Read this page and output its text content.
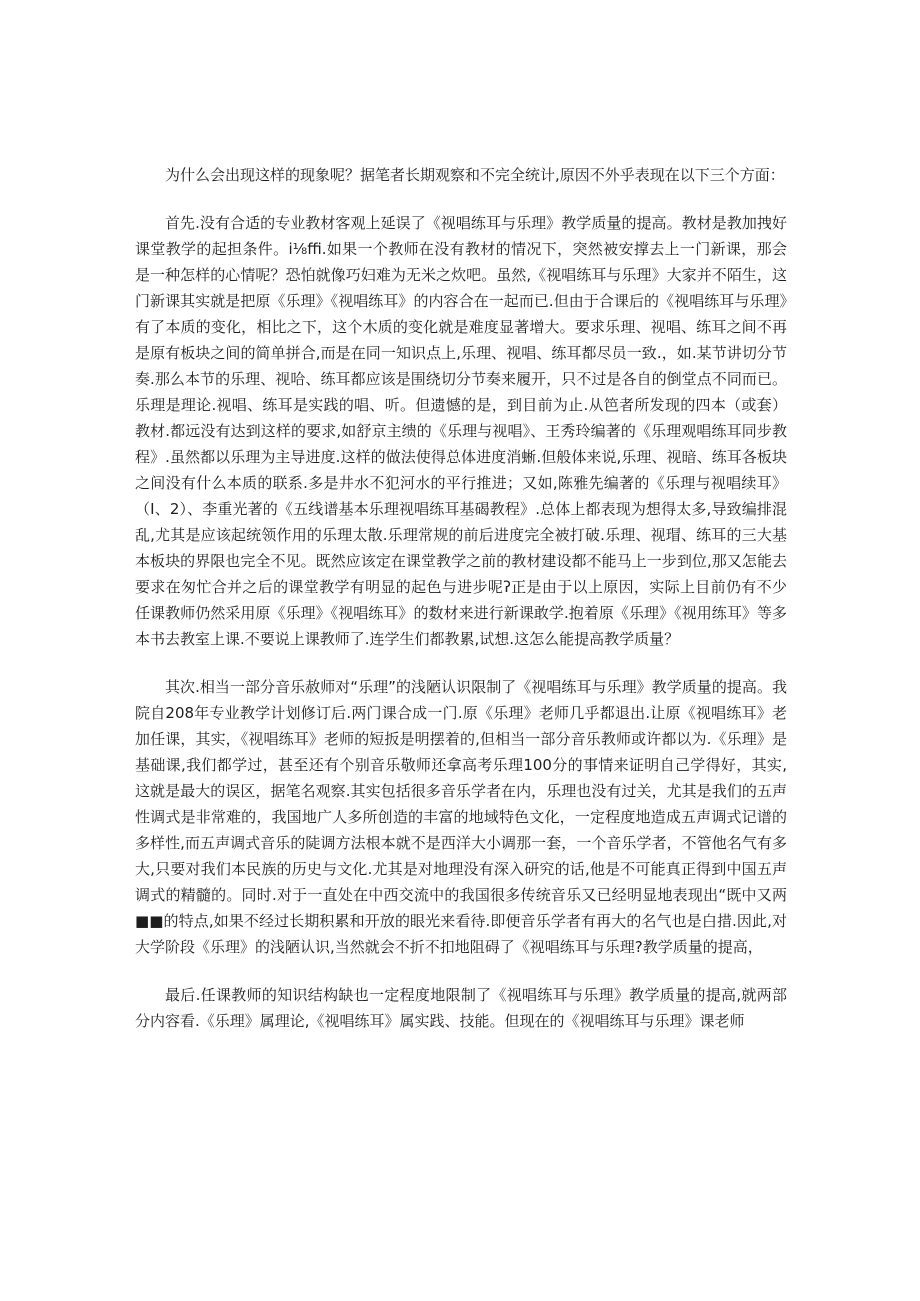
为什么会出现这样的现象呢？据笔者长期观察和不完全统计,原因不外乎表现在以下三个方面：

首先.没有合适的专业教材客观上延误了《视唱练耳与乐理》教学质量的提高。教材是教加拽好课堂教学的起担条件。i⅛ffi.如果一个教师在没有教材的情况下，突然被安撑去上一门新课，那会是一种怎样的心情呢？恐怕就像巧妇难为无米之炊吧。虽然,《视唱练耳与乐理》大家并不陌生，这门新课其实就是把原《乐理》《视唱练耳》的内容合在一起而已.但由于合课后的《视唱练耳与乐理》有了本质的变化，相比之下，这个木质的变化就是难度显著增大。要求乐理、视唱、练耳之间不再是原有板块之间的简单拼合,而是在同一知识点上,乐理、视唱、练耳都尽员一致.，如.某节讲切分节奏.那么本节的乐理、视哈、练耳都应该是围绕切分节奏来履开，只不过是各自的倒堂点不同而已。乐理是理论.视唱、练耳是实践的唱、听。但遗憾的是，到目前为止.从笆者所发现的四本（或套）教材.都远没有达到这样的要求,如舒京主缋的《乐理与视唱》、王秀玲编著的《乐理观唱练耳同步教程》.虽然都以乐理为主导进度.这样的做法使得总体进度消蜥.但般体来说,乐理、视暗、练耳各板块之间没有什么本质的联系.多是井水不犯河水的平行推进；又如,陈雅先编著的《乐理与视唱续耳》（I、2）、李重光著的《五线谱基本乐理视唱练耳基碣教程》.总体上都表现为想得太多,导致编排混乱,尤其是应该起统领作用的乐理太散.乐理常规的前后进度完全被打破.乐理、视瑁、练耳的三大基本板块的界限也完全不见。既然应该定在课堂教学之前的教材建设都不能马上一步到位,那又怎能去要求在匆忙合并之后的课堂教学有明显的起色与进步呢ʔ正是由于以上原因，实际上目前仍有不少任课教师仍然采用原《乐理》《视唱练耳》的数材来进行新课敢学.抱着原《乐理》《视用练耳》等多本书去教室上课.不要说上课教师了.连学生们都教累,试想.这怎么能提高教学质量？

其次.相当一部分音乐赦师对“乐理”的浅陋认识限制了《视唱练耳与乐理》教学质量的提高。我院自208年专业教学计划修订后.两门课合成一门.原《乐理》老师几乎都退出.让原《视唱练耳》老加任课，其实，《视唱练耳》老师的短扳是明摆着的,但相当一部分音乐教师或许都以为.《乐理》是基础课,我们都学过，甚至还有个别音乐敬师还拿高考乐理100分的事情来证明自己学得好，其实,这就是最大的误区，据笔名观察.其实包括很多音乐学者在内，乐理也没有过关，尤其是我们的五声性调式是非常难的，我国地广人多所创造的丰富的地域特色文化，一定程度地造成五声调式记谱的多样性,而五声调式音乐的陡调方法根本就不是西洋大小调那一套，一个音乐学者，不管他名气有多大,只要对我们本民族的历史与文化.尤其是对地理没有深入研究的话,他是不可能真正得到中国五声调式的精髓的。同时.对于一直处在中西交流中的我国很多传统音乐又已经明显地表现出“既中又两■■的特点,如果不经过长期积累和开放的眼光来看待.即便音乐学者有再大的名气也是白措.因此,对大学阶段《乐理》的浅陋认识,当然就会不折不扣地阻碍了《视唱练耳与乐理?教学质量的提高，

最后.任课教师的知识结构缺也一定程度地限制了《视唱练耳与乐理》教学质量的提高,就两部分内容看.《乐理》属理论,《视唱练耳》属实践、技能。但现在的《视唱练耳与乐理》课老师
